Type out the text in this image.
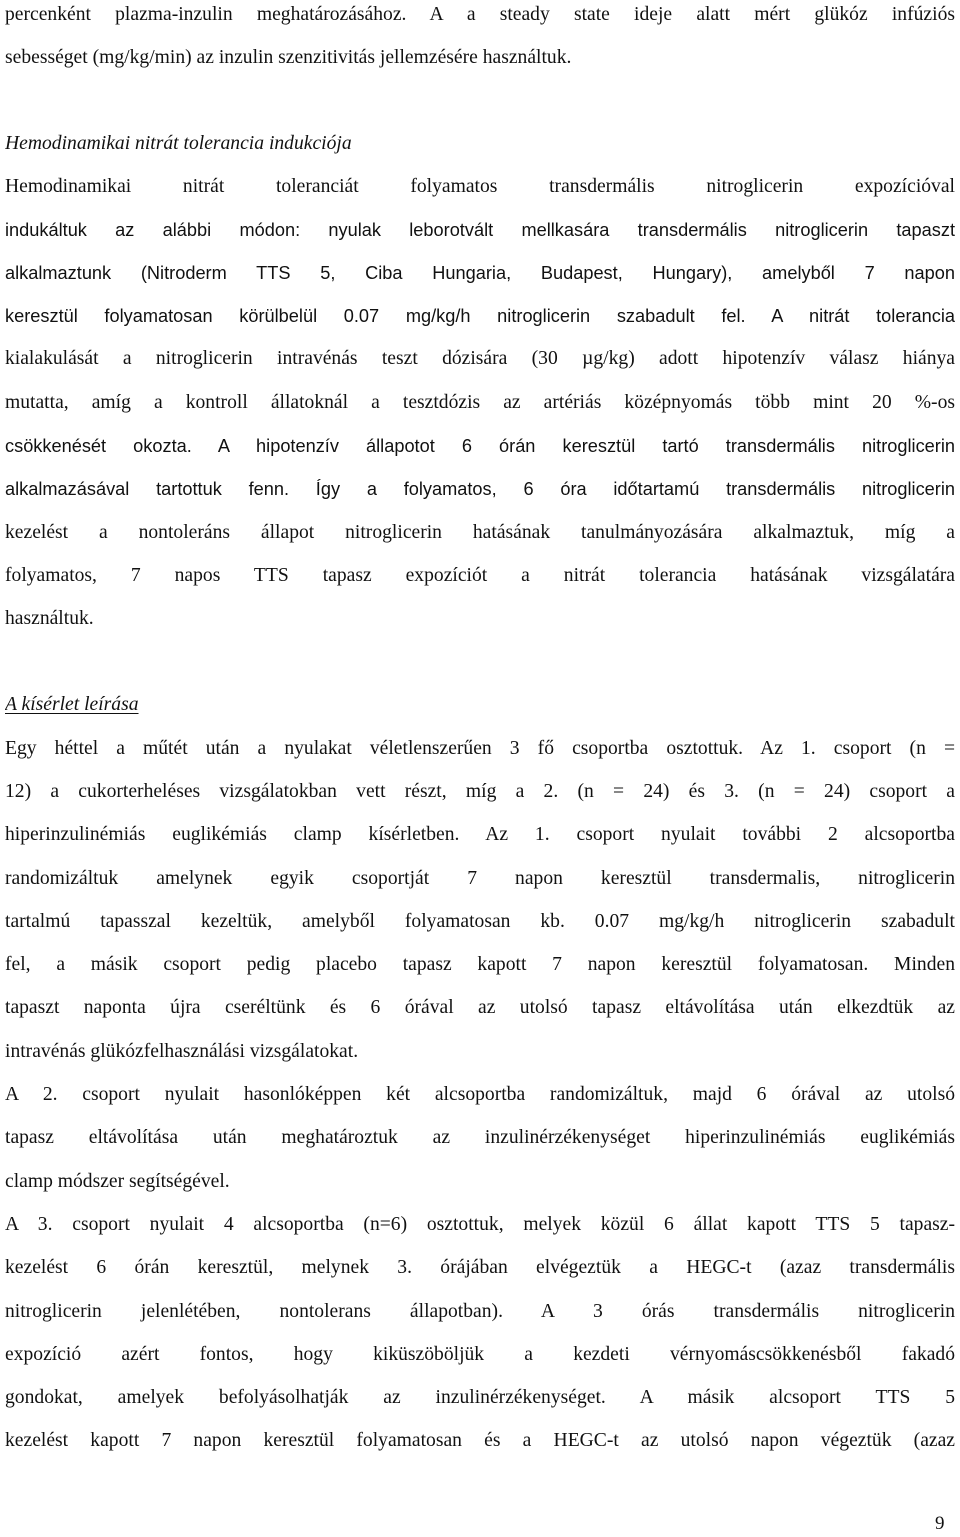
percenként plazma-inzulin meghatározásához. A a steady state ideje alatt mért glükóz infúziós
sebességet (mg/kg/min) az inzulin szenzitivitás jellemzésére használtuk.
Hemodinamikai nitrát tolerancia indukciója
Hemodinamikai nitrát toleranciát folyamatos transdermális nitroglicerin expozícióval
indukáltuk az alábbi módon: nyulak leborotvált mellkasára transdermális nitroglicerin tapaszt
alkalmaztunk (Nitroderm TTS 5, Ciba Hungaria, Budapest, Hungary), amelyből 7 napon
keresztül folyamatosan körülbelül 0.07 mg/kg/h nitroglicerin szabadult fel. A nitrát tolerancia
kialakulását a nitroglicerin intravénás teszt dózisára (30 µg/kg) adott hipotenzív válasz hiánya
mutatta, amíg a kontroll állatoknál a tesztdózis az artériás középnyomás több mint 20 %-os
csökkenését okozta. A hipotenzív állapotot 6 órán keresztül tartó transdermális nitroglicerin
alkalmazásával tartottuk fenn. Így a folyamatos, 6 óra időtartamú transdermális nitroglicerin
kezelést a nontoleráns állapot nitroglicerin hatásának tanulmányozására alkalmaztuk, míg a
folyamatos, 7 napos TTS tapasz expozíciót a nitrát tolerancia hatásának vizsgálatára
használtuk.
A kísérlet leírása
Egy héttel a műtét után a nyulakat véletlenszerűen 3 fő csoportba osztottuk. Az 1. csoport (n =
12) a cukorterheléses vizsgálatokban vett részt, míg a 2. (n = 24) és 3. (n = 24) csoport a
hiperinzulinémiás euglikémiás clamp kísérletben. Az 1. csoport nyulait további 2 alcsoportba
randomizáltuk amelynek egyik csoportját 7 napon keresztül transdermalis, nitroglicerin
tartalmú tapasszal kezeltük, amelyből folyamatosan kb. 0.07 mg/kg/h nitroglicerin szabadult
fel, a másik csoport pedig placebo tapasz kapott 7 napon keresztül folyamatosan. Minden
tapaszt naponta újra cseréltünk és 6 órával az utolsó tapasz eltávolítása után elkezdtük az
intravénás glükózfelhasználási vizsgálatokat.
A 2. csoport nyulait hasonlóképpen két alcsoportba randomizáltuk, majd 6 órával az utolsó
tapasz eltávolítása után meghatároztuk az inzulinérzékenységet hiperinzulinémiás euglikémiás
clamp módszer segítségével.
A 3. csoport nyulait 4 alcsoportba (n=6) osztottuk, melyek közül 6 állat kapott TTS 5 tapasz-
kezelést 6 órán keresztül, melynek 3. órájában elvégeztük a HEGC-t (azaz transdermális
nitroglicerin jelenlétében, nontolerans állapotban). A 3 órás transdermális nitroglicerin
expozíció azért fontos, hogy kiküszöböljük a kezdeti vérnyomáscsökkenésből fakadó
gondokat, amelyek befolyásolhatják az inzulinérzékenységet. A másik alcsoport TTS 5
kezelést kapott 7 napon keresztül folyamatosan és a HEGC-t az utolsó napon végeztük (azaz
9
